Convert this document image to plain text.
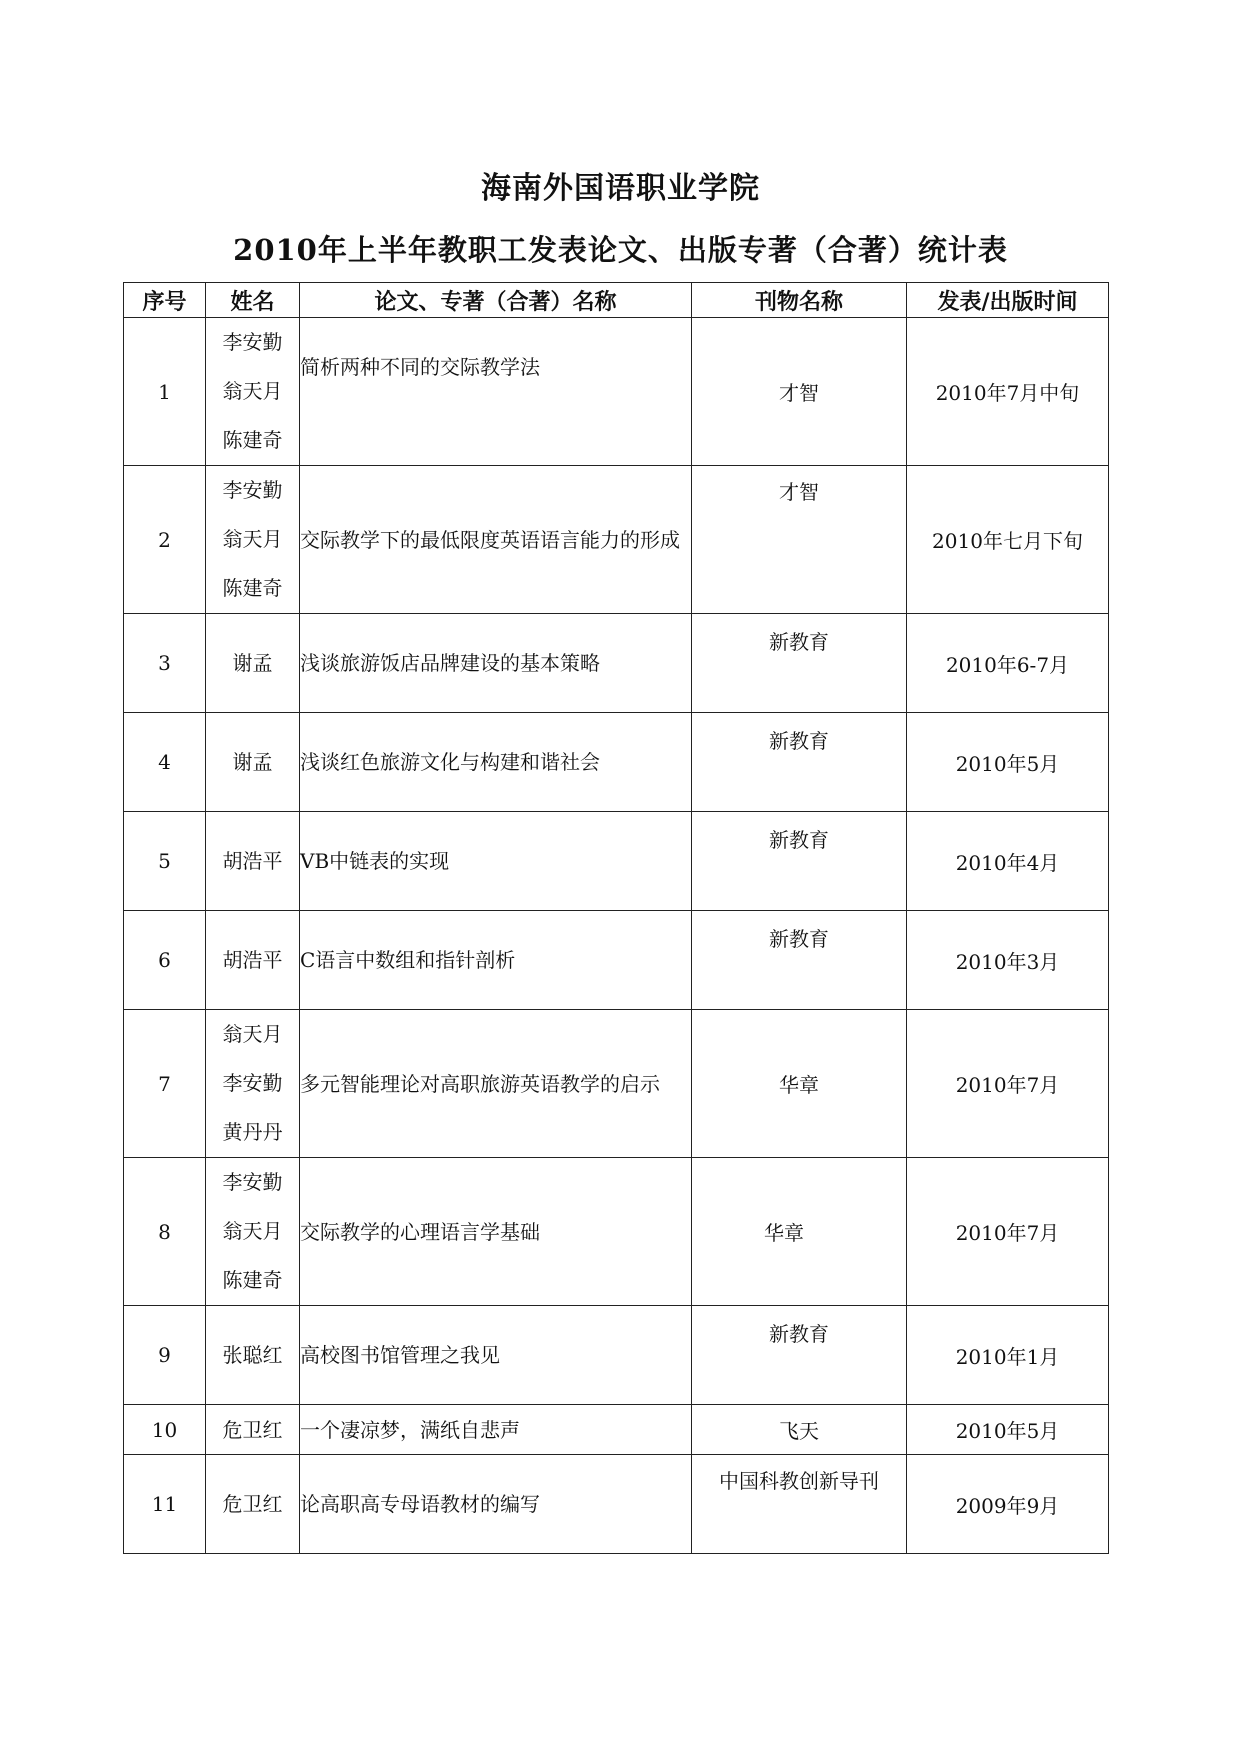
海南外国语职业学院
2010年上半年教职工发表论文、出版专著（合著）统计表
序号	姓名	论文、专著（合著）名称	刊物名称	发表/出版时间
1	李安勤
翁天月
陈建奇	简析两种不同的交际教学法	才智	2010年7月中旬
2	李安勤
翁天月
陈建奇	交际教学下的最低限度英语语言能力的形成	才智	2010年七月下旬
3	谢孟	浅谈旅游饭店品牌建设的基本策略	新教育	2010年6-7月
4	谢孟	浅谈红色旅游文化与构建和谐社会	新教育	2010年5月
5	胡浩平	VB中链表的实现	新教育	2010年4月
6	胡浩平	C语言中数组和指针剖析	新教育	2010年3月
7	翁天月
李安勤
黄丹丹	多元智能理论对高职旅游英语教学的启示	华章	2010年7月
8	李安勤
翁天月
陈建奇	交际教学的心理语言学基础	华章	2010年7月
9	张聪红	高校图书馆管理之我见	新教育	2010年1月
10	危卫红	一个凄凉梦，满纸自悲声	飞天	2010年5月
11	危卫红	论高职高专母语教材的编写	中国科教创新导刊	2009年9月
